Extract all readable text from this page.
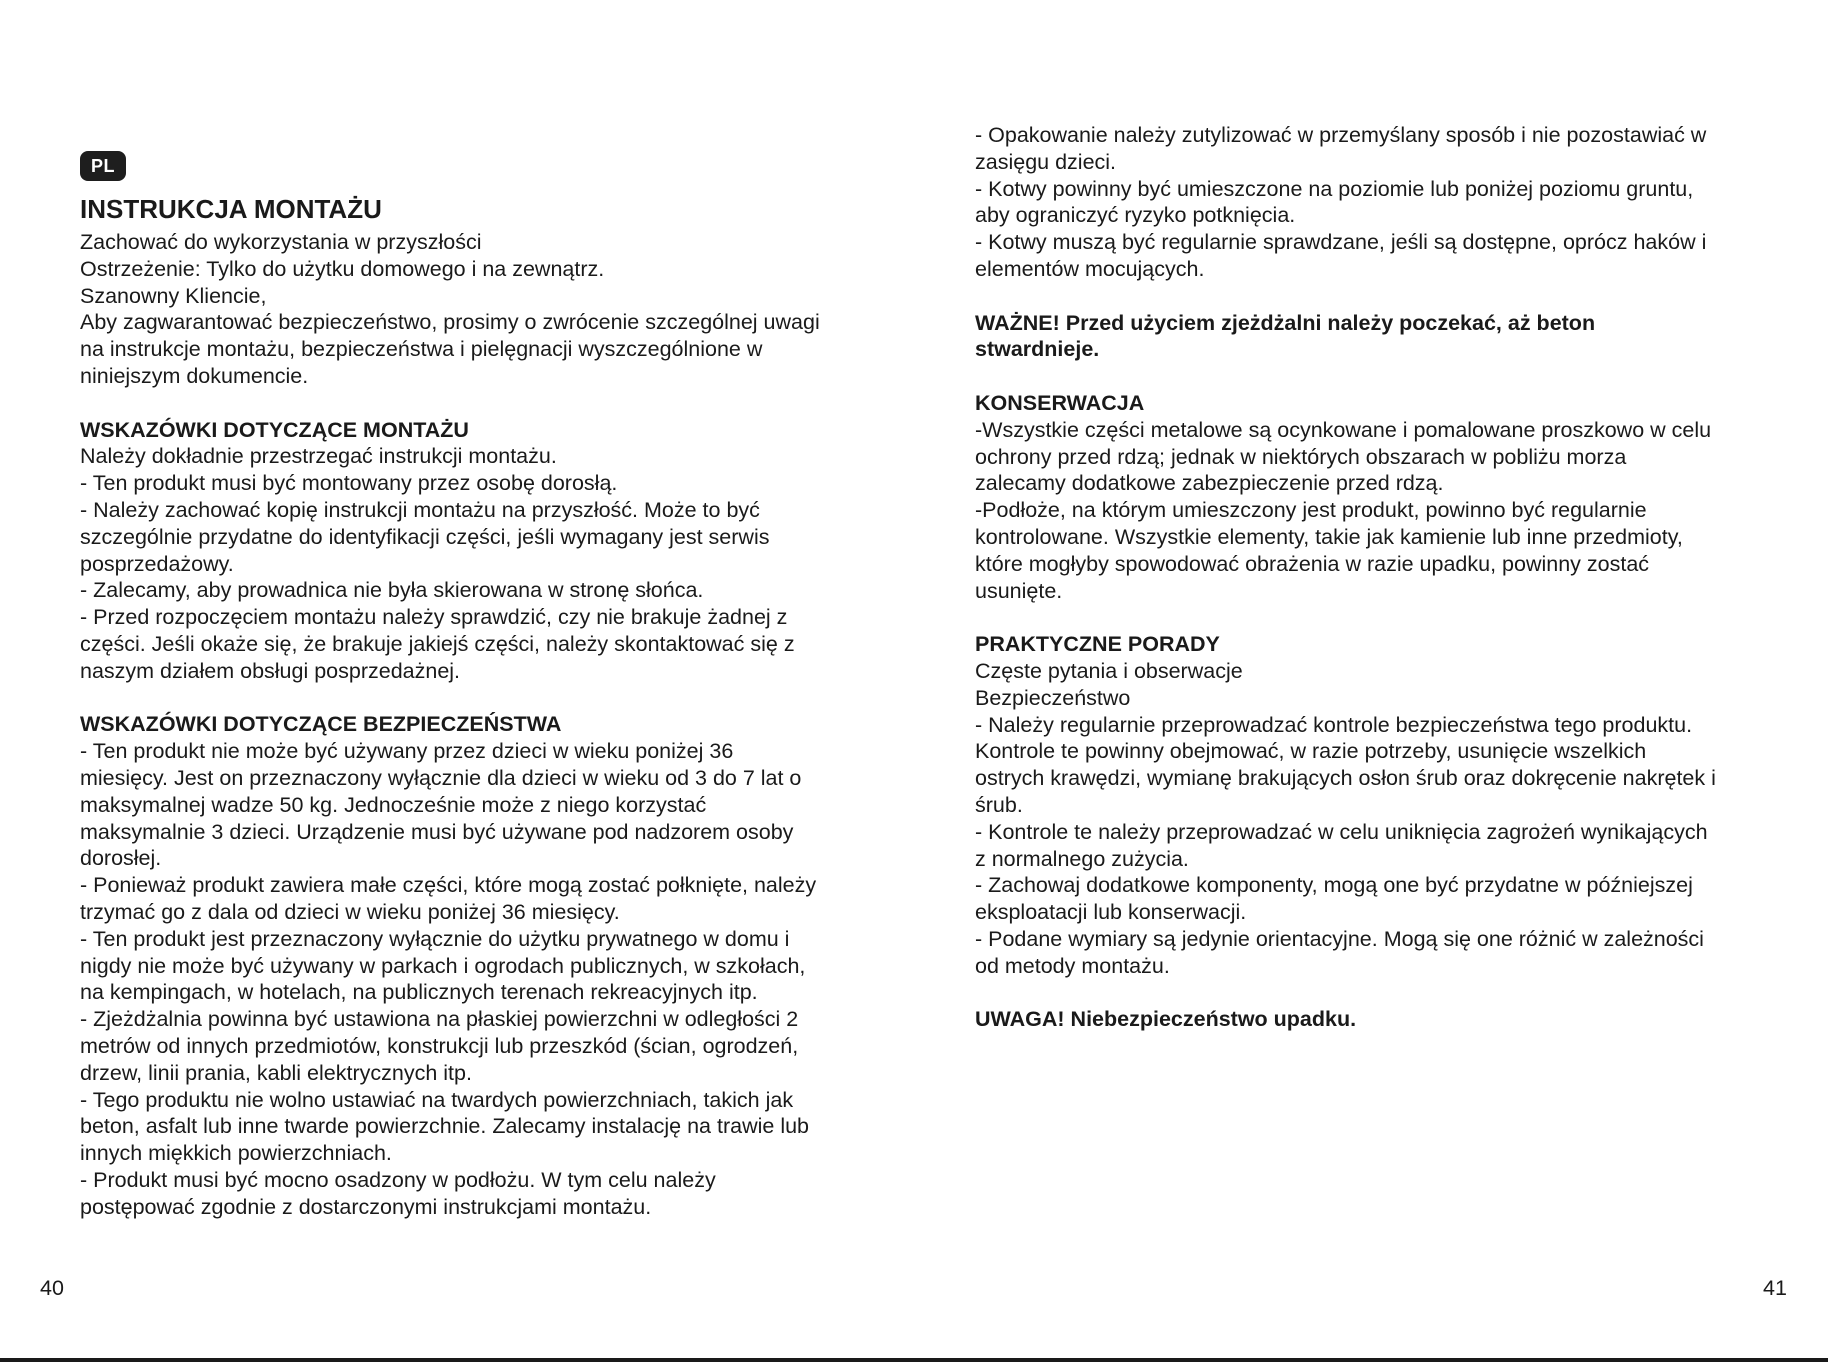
PL
INSTRUKCJA MONTAŻU
Zachować do wykorzystania w przyszłości
Ostrzeżenie: Tylko do użytku domowego i na zewnątrz.
Szanowny Kliencie,
Aby zagwarantować bezpieczeństwo, prosimy o zwrócenie szczególnej uwagi
na instrukcje montażu, bezpieczeństwa i pielęgnacji wyszczególnione w
niniejszym dokumencie.
WSKAZÓWKI DOTYCZĄCE MONTAŻU
Należy dokładnie przestrzegać instrukcji montażu.
- Ten produkt musi być montowany przez osobę dorosłą.
- Należy zachować kopię instrukcji montażu na przyszłość. Może to być
szczególnie przydatne do identyfikacji części, jeśli wymagany jest serwis
posprzedażowy.
- Zalecamy, aby prowadnica nie była skierowana w stronę słońca.
- Przed rozpoczęciem montażu należy sprawdzić, czy nie brakuje żadnej z
części. Jeśli okaże się, że brakuje jakiejś części, należy skontaktować się z
naszym działem obsługi posprzedażnej.
WSKAZÓWKI DOTYCZĄCE BEZPIECZEŃSTWA
- Ten produkt nie może być używany przez dzieci w wieku poniżej 36
miesięcy. Jest on przeznaczony wyłącznie dla dzieci w wieku od 3 do 7 lat o
maksymalnej wadze 50 kg. Jednocześnie może z niego korzystać
maksymalnie 3 dzieci. Urządzenie musi być używane pod nadzorem osoby
dorosłej.
- Ponieważ produkt zawiera małe części, które mogą zostać połknięte, należy
trzymać go z dala od dzieci w wieku poniżej 36 miesięcy.
- Ten produkt jest przeznaczony wyłącznie do użytku prywatnego w domu i
nigdy nie może być używany w parkach i ogrodach publicznych, w szkołach,
na kempingach, w hotelach, na publicznych terenach rekreacyjnych itp.
- Zjeżdżalnia powinna być ustawiona na płaskiej powierzchni w odległości 2
metrów od innych przedmiotów, konstrukcji lub przeszkód (ścian, ogrodzeń,
drzew, linii prania, kabli elektrycznych itp.
- Tego produktu nie wolno ustawiać na twardych powierzchniach, takich jak
beton, asfalt lub inne twarde powierzchnie. Zalecamy instalację na trawie lub
innych miękkich powierzchniach.
- Produkt musi być mocno osadzony w podłożu. W tym celu należy
postępować zgodnie z dostarczonymi instrukcjami montażu.
- Opakowanie należy zutylizować w przemyślany sposób i nie pozostawiać w
zasięgu dzieci.
- Kotwy powinny być umieszczone na poziomie lub poniżej poziomu gruntu,
aby ograniczyć ryzyko potknięcia.
- Kotwy muszą być regularnie sprawdzane, jeśli są dostępne, oprócz haków i
elementów mocujących.
WAŻNE! Przed użyciem zjeżdżalni należy poczekać, aż beton
stwardnieje.
KONSERWACJA
-Wszystkie części metalowe są ocynkowane i pomalowane proszkowo w celu
ochrony przed rdzą; jednak w niektórych obszarach w pobliżu morza
zalecamy dodatkowe zabezpieczenie przed rdzą.
-Podłoże, na którym umieszczony jest produkt, powinno być regularnie
kontrolowane. Wszystkie elementy, takie jak kamienie lub inne przedmioty,
które mogłyby spowodować obrażenia w razie upadku, powinny zostać
usunięte.
PRAKTYCZNE PORADY
Częste pytania i obserwacje
Bezpieczeństwo
- Należy regularnie przeprowadzać kontrole bezpieczeństwa tego produktu.
Kontrole te powinny obejmować, w razie potrzeby, usunięcie wszelkich
ostrych krawędzi, wymianę brakujących osłon śrub oraz dokręcenie nakrętek i
śrub.
- Kontrole te należy przeprowadzać w celu uniknięcia zagrożeń wynikających
z normalnego zużycia.
- Zachowaj dodatkowe komponenty, mogą one być przydatne w późniejszej
eksploatacji lub konserwacji.
- Podane wymiary są jedynie orientacyjne. Mogą się one różnić w zależności
od metody montażu.
UWAGA! Niebezpieczeństwo upadku.
40	41
